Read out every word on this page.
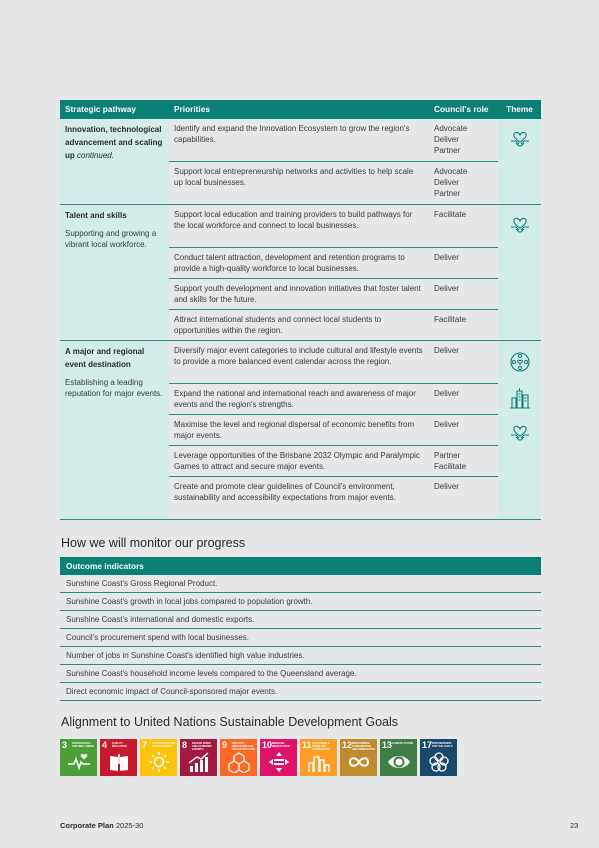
Strategic pathway	Priorities	Council's role	Theme

Innovation, technological advancement and scaling up continued.	Identify and expand the Innovation Ecosystem to grow the region's capabilities.	Advocate
Deliver
Partner

	Support local entrepreneurship networks and activities to help scale up local businesses.	Advocate
Deliver
Partner	

Talent and skills
Supporting and growing a vibrant local workforce.	Support local education and training providers to build pathways for the local workforce and connect to local businesses.	Facilitate

	Conduct talent attraction, development and retention programs to provide a high-quality workforce to local businesses.	Deliver	

	Support youth development and innovation initiatives that foster talent and skills for the future.	Deliver	

	Attract international students and connect local students to opportunities within the region.	Facilitate	

A major and regional event destination
Establishing a leading reputation for major events.	Diversify major event categories to include cultural and lifestyle events to provide a more balanced event calendar across the region.	Deliver

	Expand the national and international reach and awareness of major events and the region's strengths.	Deliver	

	Maximise the level and regional dispersal of economic benefits from major events.	Deliver	

	Leverage opportunities of the Brisbane 2032 Olympic and Paralympic Games to attract and secure major events.	Partner
Facilitate	

	Create and promote clear guidelines of Council's environment, sustainability and accessibility expectations from major events.	Deliver	
How we will monitor our progress
Outcome indicators
Sunshine Coast's Gross Regional Product.
Sunshine Coast's growth in local jobs compared to population growth.
Sunshine Coast's international and domestic exports.
Council's procurement spend with local businesses.
Number of jobs in Sunshine Coast's identified high value industries.
Sunshine Coast's household income levels compared to the Queensland average.
Direct economic impact of Council-sponsored major events.
Alignment to United Nations Sustainable Development Goals
3 GOOD HEALTH AND WELL-BEING 4 QUALITY EDUCATION	7 AFFORDABLE AND CLEAN ENERGY	8 DECENT WORK AND ECONOMIC GROWTH	9 INDUSTRY, INNOVATION AND INFRASTRUCTURE 10 REDUCED INEQUALITIES	11 SUSTAINABLE CITIES AND COMMUNITIES	12 RESPONSIBLE CONSUMPTION AND PRODUCTION 13 CLIMATE ACTION 17 PARTNERSHIPS FOR THE GOALS
Corporate Plan 2025-30	23
